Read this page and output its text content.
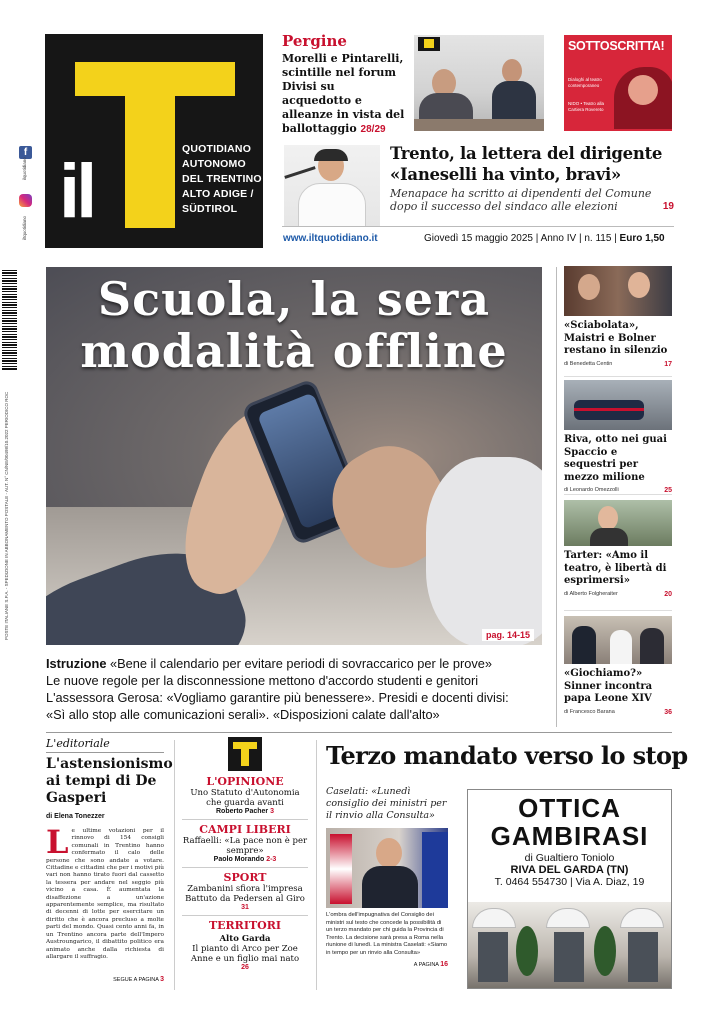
f
ilquotidiano
iltquotidiano
POSTE ITALIANE S.P.A. - SPEDIZIONE IN ABBONAMENTO POSTALE - AUT. N° CN/NE/00498/10.2022 PERIODICO ROC
il	QUOTIDIANO
AUTONOMO
DEL TRENTINO
ALTO ADIGE /
SÜDTIROL
Pergine
Morelli e Pintarelli, scintille nel forum Divisi su acquedotto e alleanze in vista del ballottaggio 28/29
SOTTOSCRITTA!
Dialoghi al teatro contemporaneo
NIDO • Teatro alla Cartiera Rovereto
Trento, la lettera del dirigente «Ianeselli ha vinto, bravi»
Menapace ha scritto ai dipendenti del Comune dopo il successo del sindaco alle elezioni	19
www.iltquotidiano.it	Giovedì 15 maggio 2025 | Anno IV | n. 115 | Euro 1,50
Scuola, la sera modalità offline
pag. 14-15
Istruzione «Bene il calendario per evitare periodi di sovraccarico per le prove»
Le nuove regole per la disconnessione mettono d'accordo studenti e genitori
L'assessora Gerosa: «Vogliamo garantire più benessere». Presidi e docenti divisi:
«Sì allo stop alle comunicazioni serali». «Disposizioni calate dall'alto»
«Sciabolata», Maistri e Bolner restano in silenzio
di Benedetta Centin	17
Riva, otto nei guai Spaccio e sequestri per mezzo milione
di Leonardo Omezzolli	25
Tarter: «Amo il teatro, è libertà di esprimersi»
di Alberto Folgheraiter	20
«Giochiamo?» Sinner incontra papa Leone XIV
di Francesco Barana	36
L'editoriale
L'astensionismo ai tempi di De Gasperi
di Elena Tonezzer
Le ultime votazioni per il rinnovo di 154 consigli comunali in Trentino hanno confermato il calo delle persone che sono andate a votare. Cittadine e cittadini che per i motivi più vari non hanno tirato fuori dal cassetto la tessera per andare nel seggio più vicino a casa. È aumentata la disaffezione a un'azione apparentemente semplice, ma risultato di decenni di lotte per esercitare un diritto che è ancora precluso a molte parti del mondo. Quasi cento anni fa, in un Trentino ancora parte dell'Impero Austroungarico, il dibattito politico era animato anche dalla richiesta di allargare il suffragio.
SEGUE A PAGINA 3
L'OPINIONE
Uno Statuto d'Autonomia che guarda avanti
Roberto Pacher 3
CAMPI LIBERI
Raffaelli: «La pace non è per sempre»
Paolo Morando 2-3
SPORT
Zambanini sfiora l'impresa Battuto da Pedersen al Giro
31
TERRITORI
Alto Garda
Il pianto di Arco per Zoe Anne e un figlio mai nato
26
Terzo mandato verso lo stop
Caselati: «Lunedì consiglio dei ministri per il rinvio alla Consulta»
L'ombra dell'impugnativa del Consiglio dei ministri sul testo che concede la possibilità di un terzo mandato per chi guida la Provincia di Trento. La decisione sarà presa a Roma nella riunione di lunedì. La ministra Caselati: «Siamo in tempo per un rinvio alla Consulta»
A PAGINA 16
OTTICA
GAMBIRASI
di Gualtiero Toniolo
RIVA DEL GARDA (TN)
T. 0464 554730 | Via A. Diaz, 19
